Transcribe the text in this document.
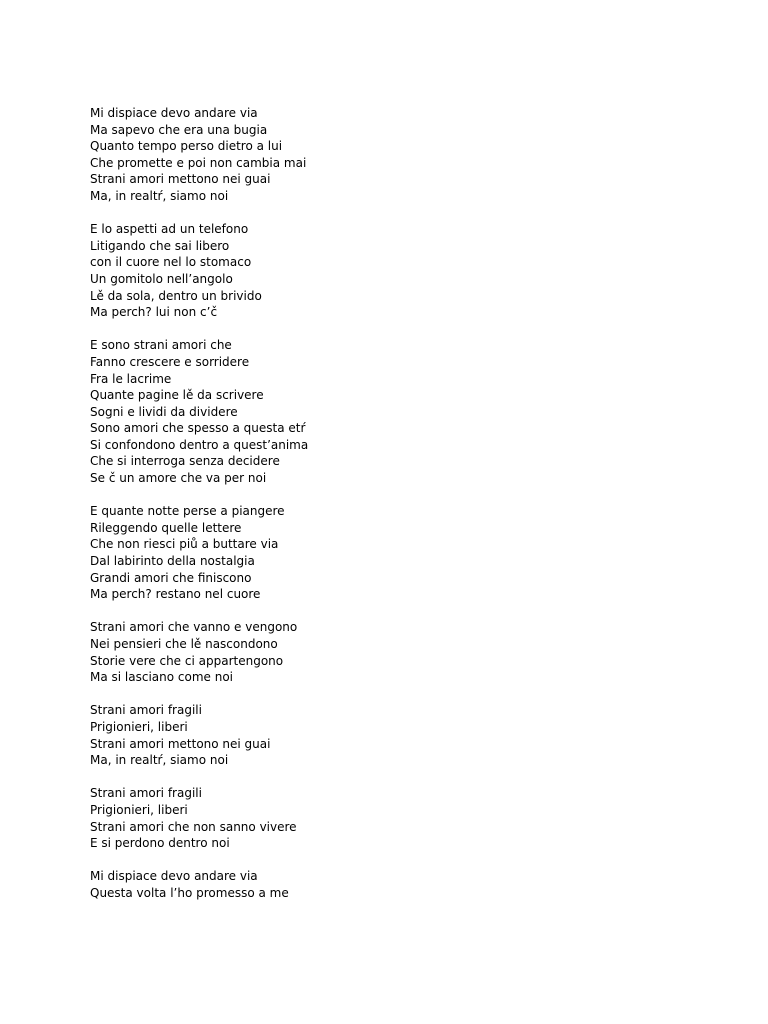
Mi dispiace devo andare via
Ma sapevo che era una bugia
Quanto tempo perso dietro a lui
Che promette e poi non cambia mai
Strani amori mettono nei guai
Ma, in realtŕ, siamo noi
E lo aspetti ad un telefono
Litigando che sai libero
con il cuore nel lo stomaco
Un gomitolo nell’angolo
Lě da sola, dentro un brivido
Ma perch? lui non c’č
E sono strani amori che
Fanno crescere e sorridere
Fra le lacrime
Quante pagine lě da scrivere
Sogni e lividi da dividere
Sono amori che spesso a questa etŕ
Si confondono dentro a quest’anima
Che si interroga senza decidere
Se č un amore che va per noi
E quante notte perse a piangere
Rileggendo quelle lettere
Che non riesci piů a buttare via
Dal labirinto della nostalgia
Grandi amori che finiscono
Ma perch? restano nel cuore
Strani amori che vanno e vengono
Nei pensieri che lě nascondono
Storie vere che ci appartengono
Ma si lasciano come noi
Strani amori fragili
Prigionieri, liberi
Strani amori mettono nei guai
Ma, in realtŕ, siamo noi
Strani amori fragili
Prigionieri, liberi
Strani amori che non sanno vivere
E si perdono dentro noi
Mi dispiace devo andare via
Questa volta l’ho promesso a me
